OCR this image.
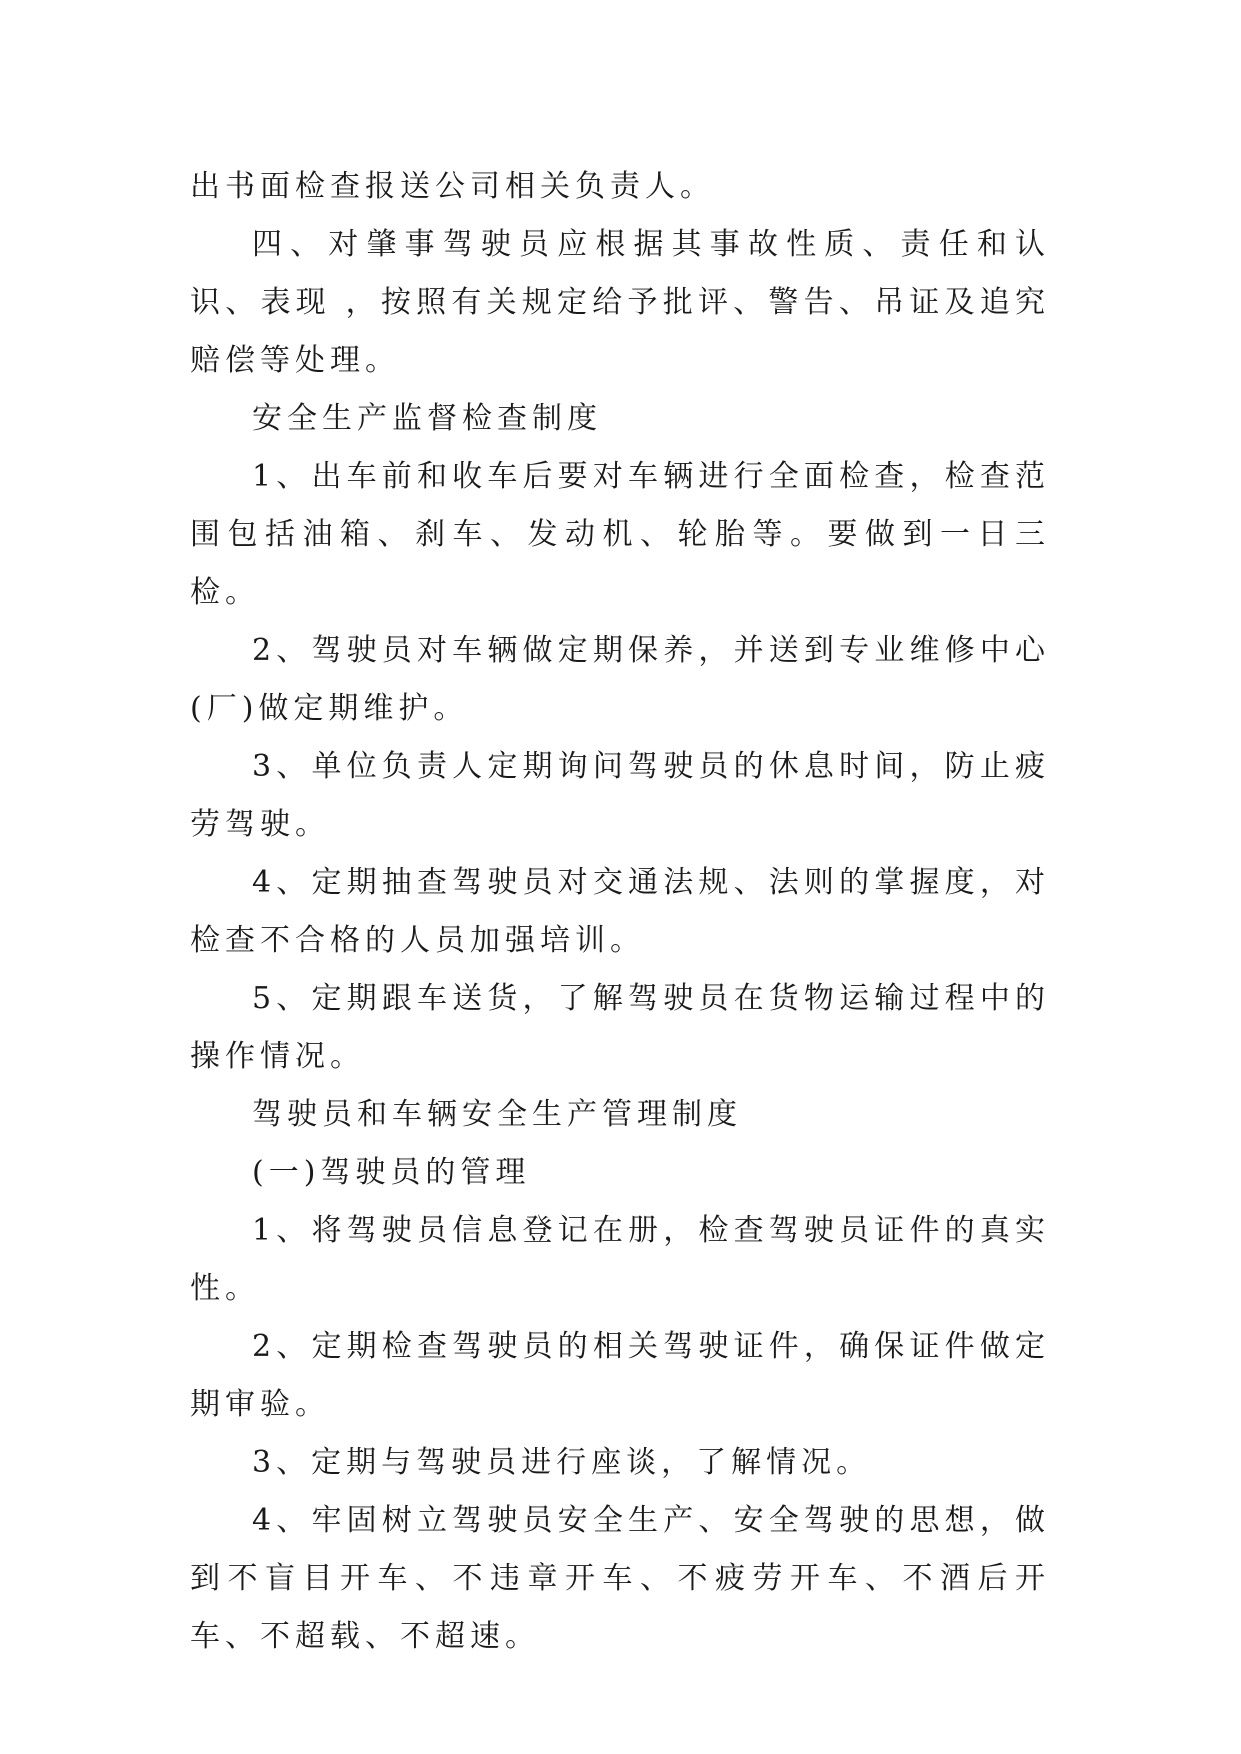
出书面检查报送公司相关负责人。

四、对肇事驾驶员应根据其事故性质、责任和认识、表现 ，按照有关规定给予批评、警告、吊证及追究赔偿等处理。

安全生产监督检查制度

1、出车前和收车后要对车辆进行全面检查，检查范围包括油箱、刹车、发动机、轮胎等。要做到一日三检。

2、驾驶员对车辆做定期保养，并送到专业维修中心(厂)做定期维护。

3、单位负责人定期询问驾驶员的休息时间，防止疲劳驾驶。

4、定期抽查驾驶员对交通法规、法则的掌握度，对检查不合格的人员加强培训。

5、定期跟车送货，了解驾驶员在货物运输过程中的操作情况。

驾驶员和车辆安全生产管理制度

(一)驾驶员的管理

1、将驾驶员信息登记在册，检查驾驶员证件的真实性。

2、定期检查驾驶员的相关驾驶证件，确保证件做定期审验。

3、定期与驾驶员进行座谈，了解情况。

4、牢固树立驾驶员安全生产、安全驾驶的思想，做到不盲目开车、不违章开车、不疲劳开车、不酒后开车、不超载、不超速。
